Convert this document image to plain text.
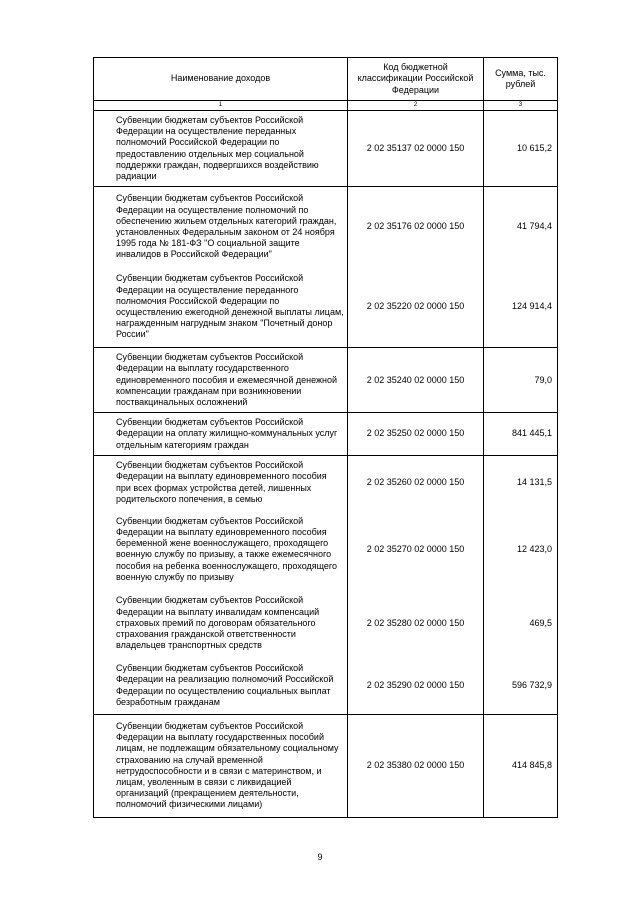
Наименование доходов	Код бюджетной классификации Российской Федерации	Сумма, тыс. рублей
1	2	3
Субвенции бюджетам субъектов Российской Федерации на осуществление переданных полномочий Российской Федерации по предоставлению отдельных мер социальной поддержки граждан, подвергшихся воздействию радиации	2 02 35137 02 0000 150	10 615,2
Субвенции бюджетам субъектов Российской Федерации на осуществление полномочий по обеспечению жильем отдельных категорий граждан, установленных Федеральным законом от 24 ноября 1995 года № 181-ФЗ "О социальной защите инвалидов в Российской Федерации"	2 02 35176 02 0000 150	41 794,4
Субвенции бюджетам субъектов Российской Федерации на осуществление переданного полномочия Российской Федерации по осуществлению ежегодной денежной выплаты лицам, награжденным нагрудным знаком "Почетный донор России"	2 02 35220 02 0000 150	124 914,4
Субвенции бюджетам субъектов Российской Федерации на выплату государственного единовременного пособия и ежемесячной денежной компенсации гражданам при возникновении поствакцинальных осложнений	2 02 35240 02 0000 150	79,0
Субвенции бюджетам субъектов Российской Федерации на оплату жилищно-коммунальных услуг отдельным категориям граждан	2 02 35250 02 0000 150	841 445,1
Субвенции бюджетам субъектов Российской Федерации на выплату единовременного пособия при всех формах устройства детей, лишенных родительского попечения, в семью	2 02 35260 02 0000 150	14 131,5
Субвенции бюджетам субъектов Российской Федерации на выплату единовременного пособия беременной жене военнослужащего, проходящего военную службу по призыву, а также ежемесячного пособия на ребенка военнослужащего, проходящего военную службу по призыву	2 02 35270 02 0000 150	12 423,0
Субвенции бюджетам субъектов Российской Федерации на выплату инвалидам компенсаций страховых премий по договорам обязательного страхования гражданской ответственности владельцев транспортных средств	2 02 35280 02 0000 150	469,5
Субвенции бюджетам субъектов Российской Федерации на реализацию полномочий Российской Федерации по осуществлению социальных выплат безработным гражданам	2 02 35290 02 0000 150	596 732,9
Субвенции бюджетам субъектов Российской Федерации на выплату государственных пособий лицам, не подлежащим обязательному социальному страхованию на случай временной нетрудоспособности и в связи с материнством, и лицам, уволенным в связи с ликвидацией организаций (прекращением деятельности, полномочий физическими лицами)	2 02 35380 02 0000 150	414 845,8
9
